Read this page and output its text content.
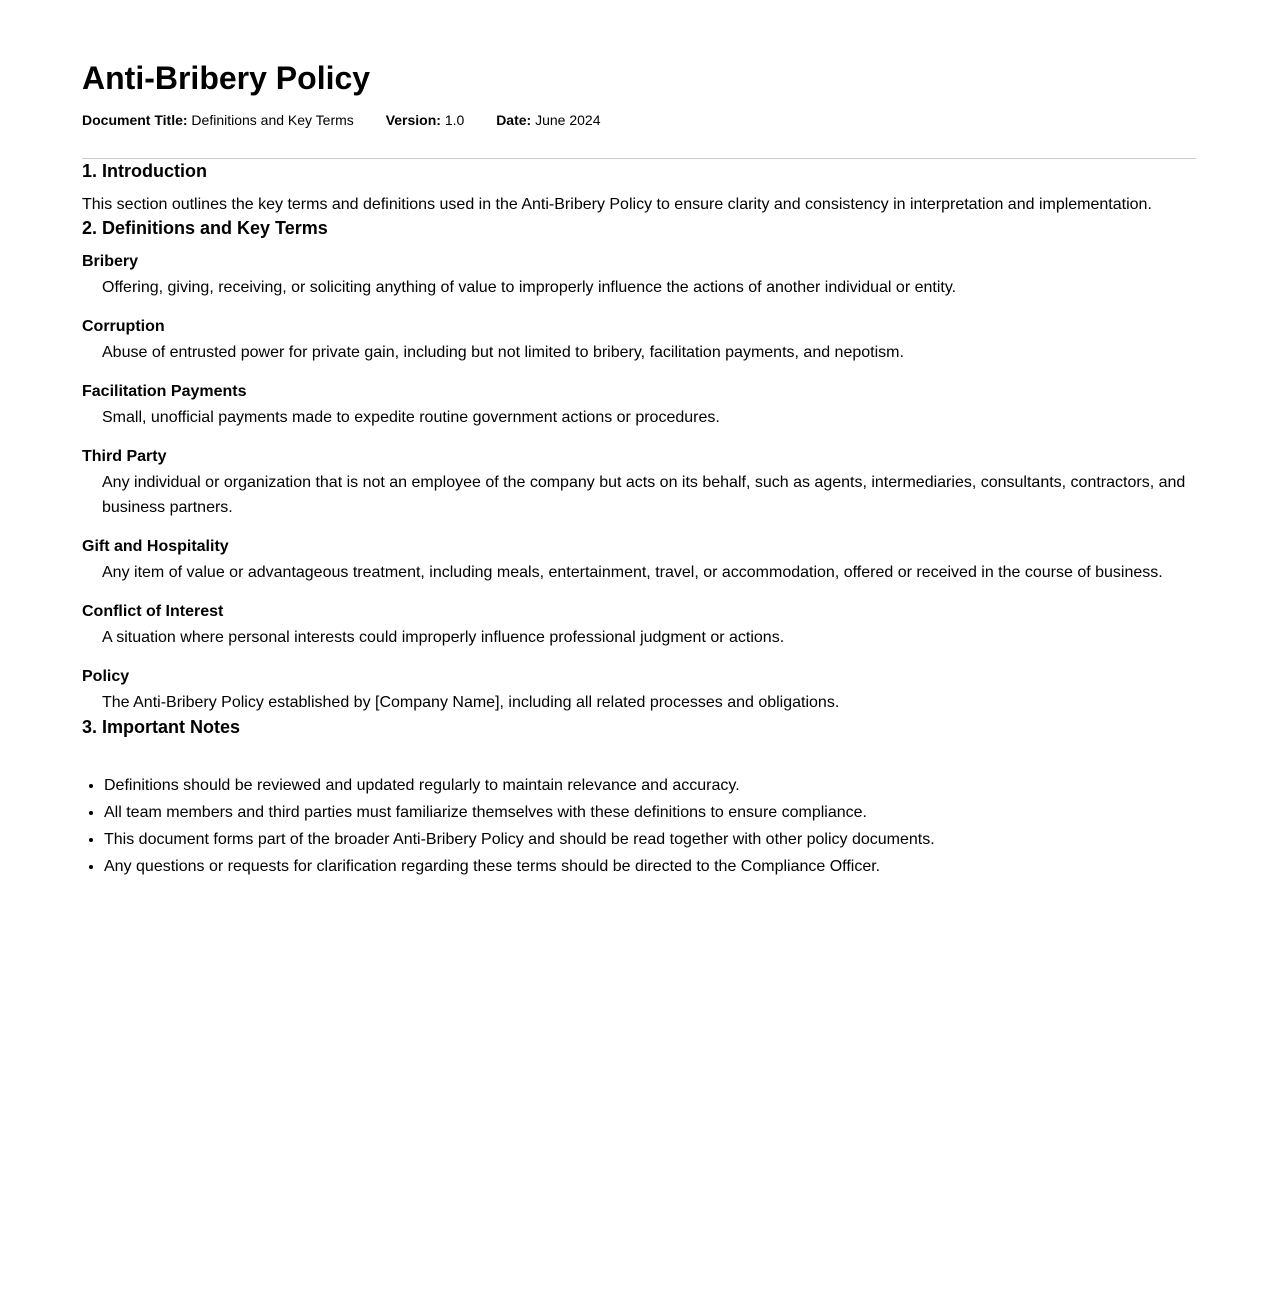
Anti-Bribery Policy
Document Title: Definitions and Key Terms Version: 1.0 Date: June 2024
1. Introduction

This section outlines the key terms and definitions used in the Anti-Bribery Policy to ensure clarity and consistency in interpretation and implementation.

2. Definitions and Key Terms

Bribery

Offering, giving, receiving, or soliciting anything of value to improperly influence the actions of another individual or entity.

Corruption

Abuse of entrusted power for private gain, including but not limited to bribery, facilitation payments, and nepotism.

Facilitation Payments

Small, unofficial payments made to expedite routine government actions or procedures.

Third Party

Any individual or organization that is not an employee of the company but acts on its behalf, such as agents, intermediaries, consultants, contractors, and business partners.

Gift and Hospitality

Any item of value or advantageous treatment, including meals, entertainment, travel, or accommodation, offered or received in the course of business.

Conflict of Interest

A situation where personal interests could improperly influence professional judgment or actions.

Policy

The Anti-Bribery Policy established by [Company Name], including all related processes and obligations.

3. Important Notes
• Definitions should be reviewed and updated regularly to maintain relevance and accuracy.
• All team members and third parties must familiarize themselves with these definitions to ensure compliance.
• This document forms part of the broader Anti-Bribery Policy and should be read together with other policy documents.
• Any questions or requests for clarification regarding these terms should be directed to the Compliance Officer.
